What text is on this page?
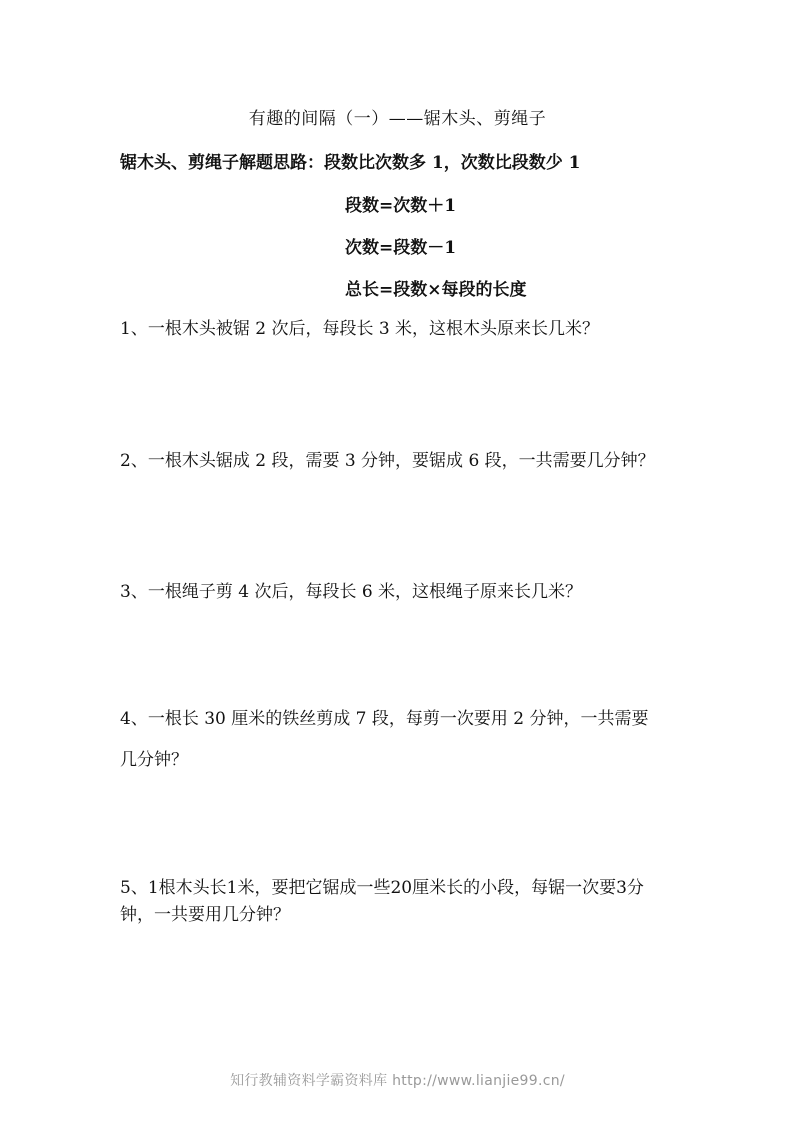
有趣的间隔（一）——锯木头、剪绳子
锯木头、剪绳子解题思路：段数比次数多 1，次数比段数少 1
段数=次数＋1
次数=段数－1
总长=段数×每段的长度
1、一根木头被锯 2 次后，每段长 3 米，这根木头原来长几米？
2、一根木头锯成 2 段，需要 3 分钟，要锯成 6 段，一共需要几分钟？
3、一根绳子剪 4 次后，每段长 6 米，这根绳子原来长几米？
4、一根长 30 厘米的铁丝剪成 7 段，每剪一次要用 2 分钟，一共需要
几分钟？
5、1根木头长1米，要把它锯成一些20厘米长的小段，每锯一次要3分
钟，一共要用几分钟？
知行教辅资料学霸资料库 http://www.lianjie99.cn/
